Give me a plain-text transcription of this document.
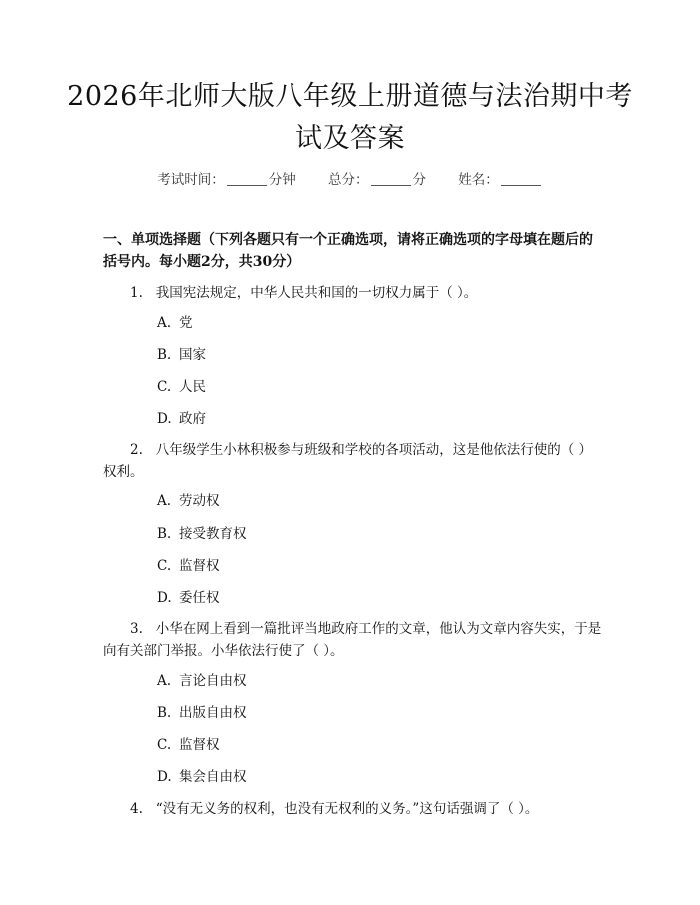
2026年北师大版八年级上册道德与法治期中考试及答案
考试时间：	分钟 总分：	分 姓名：
一、单项选择题（下列各题只有一个正确选项，请将正确选项的字母填在题后的括号内。每小题2分，共30分）
1. 我国宪法规定，中华人民共和国的一切权力属于（ ）。
A. 党
B. 国家
C. 人民
D. 政府
2. 八年级学生小林积极参与班级和学校的各项活动，这是他依法行使的（ ）权利。
A. 劳动权
B. 接受教育权
C. 监督权
D. 委任权
3. 小华在网上看到一篇批评当地政府工作的文章，他认为文章内容失实，于是向有关部门举报。小华依法行使了（ ）。
A. 言论自由权
B. 出版自由权
C. 监督权
D. 集会自由权
4. “没有无义务的权利，也没有无权利的义务。”这句话强调了（ ）。
